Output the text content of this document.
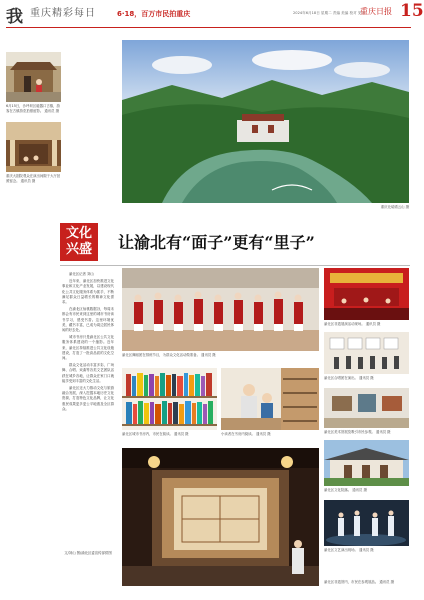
我 重庆精彩每日	6·18，百万市民拍重庆	2024年6月18日 星期二 责编 美编 校对 见习
重庆日报 15
6月15日，沙坪坝区磁器口古镇，游客在古镇游览拍照留影。 通讯员 摄
重庆大剧院观众在演出间隙于大厅拍照留念。 通讯员 摄
重庆北碚缙云山 摄
文化
兴盛	让渝北有“面子”更有“里子”

渝北区记者 刘山

近年来，渝北区加快推进文化事业和文化产业发展，以建设现代化公共文化服务体系为抓手，不断满足群众日益增长的精神文化需求。

在渝北区仙桃数据谷，每周末都会有市民来到这里的城市书房读书学习，感受书香。这里环境优美，藏书丰富，已成为周边居民休闲的好去处。

城市书房只是渝北区公共文化服务体系建设的一个缩影。近年来，渝北区持续推进公共文化设施建设，打造了一批高品质的文化空间。

群众文化活动丰富多彩，广场舞、合唱、戏曲等各类文艺团队活跃在城乡各地，让群众在家门口就能享受到丰富的文化生活。

渝北区还大力推动文化与旅游融合发展，深入挖掘本地历史文化资源，打造特色文化品牌，让文化惠民成果更多更公平地惠及全区群众。

文/刘山 图/渝北区委宣传部供图
渝北区舞蹈团在排练节目，为群众文化活动做准备。 通讯员 摄
渝北区非遗展演活动现场。 通讯员 摄
渝北区合唱团在演出。 通讯员 摄
渝北区美术馆展览吸引市民参观。 通讯员 摄
渝北区文化院落。 通讯员 摄
渝北区文艺演出现场。 通讯员 摄
渝北区城市书房内，市民在阅读。 通讯员 摄	小读者在书房内阅读。 通讯员 摄
渝北区非遗馆内，市民在参观展品。 通讯员 摄
